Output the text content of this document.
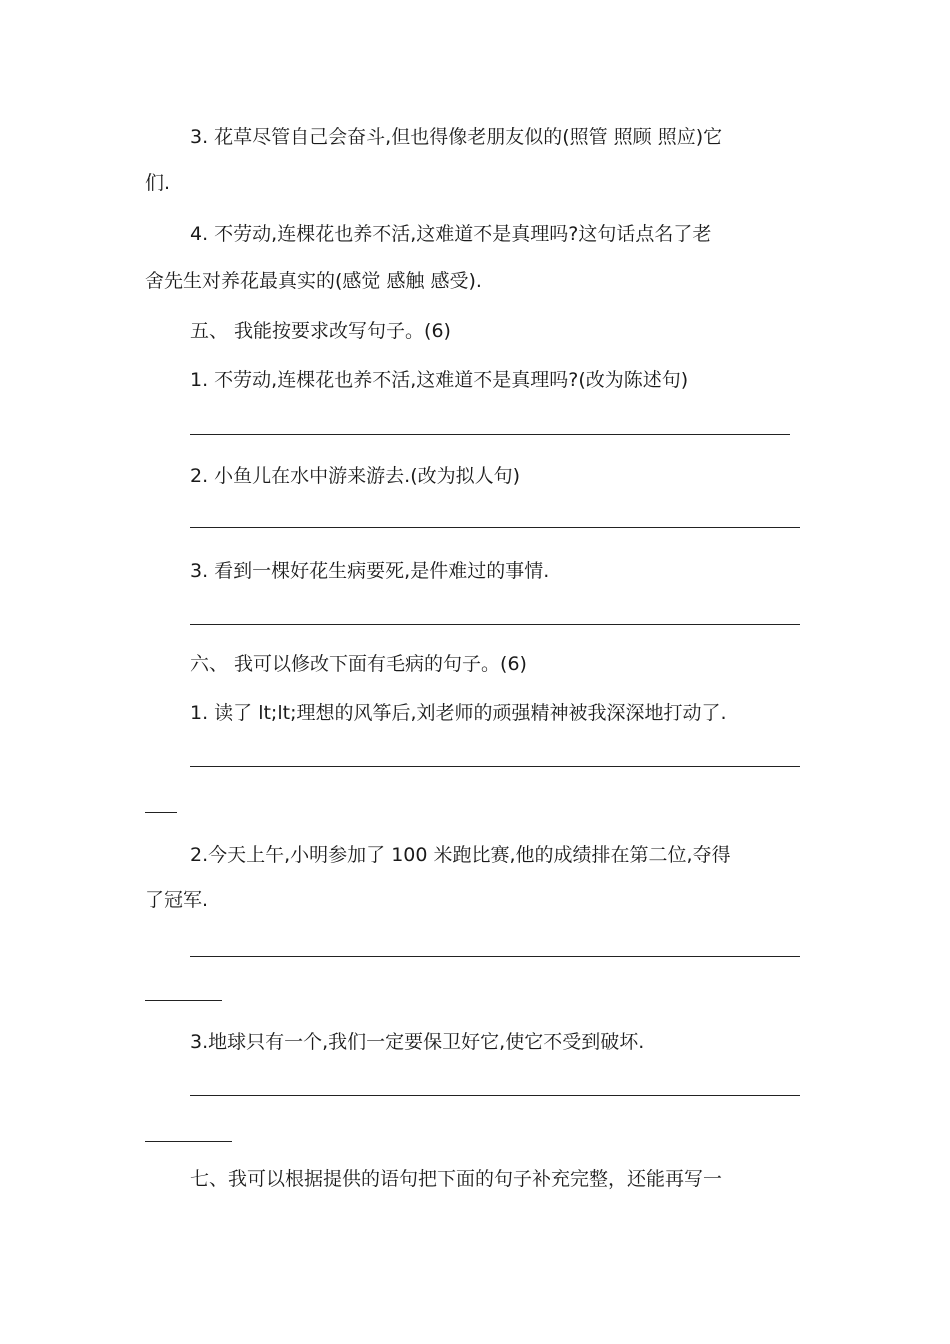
3. 花草尽管自己会奋斗,但也得像老朋友似的(照管 照顾 照应)它
们.
4. 不劳动,连棵花也养不活,这难道不是真理吗?这句话点名了老
舍先生对养花最真实的(感觉 感触 感受).
五、 我能按要求改写句子。(6)
1. 不劳动,连棵花也养不活,这难道不是真理吗?(改为陈述句)
2. 小鱼儿在水中游来游去.(改为拟人句)
3. 看到一棵好花生病要死,是件难过的事情.
六、 我可以修改下面有毛病的句子。(6)
1. 读了 lt;lt;理想的风筝后,刘老师的顽强精神被我深深地打动了.
2.今天上午,小明参加了 100 米跑比赛,他的成绩排在第二位,夺得
了冠军.
3.地球只有一个,我们一定要保卫好它,使它不受到破坏.
七、我可以根据提供的语句把下面的句子补充完整，还能再写一
